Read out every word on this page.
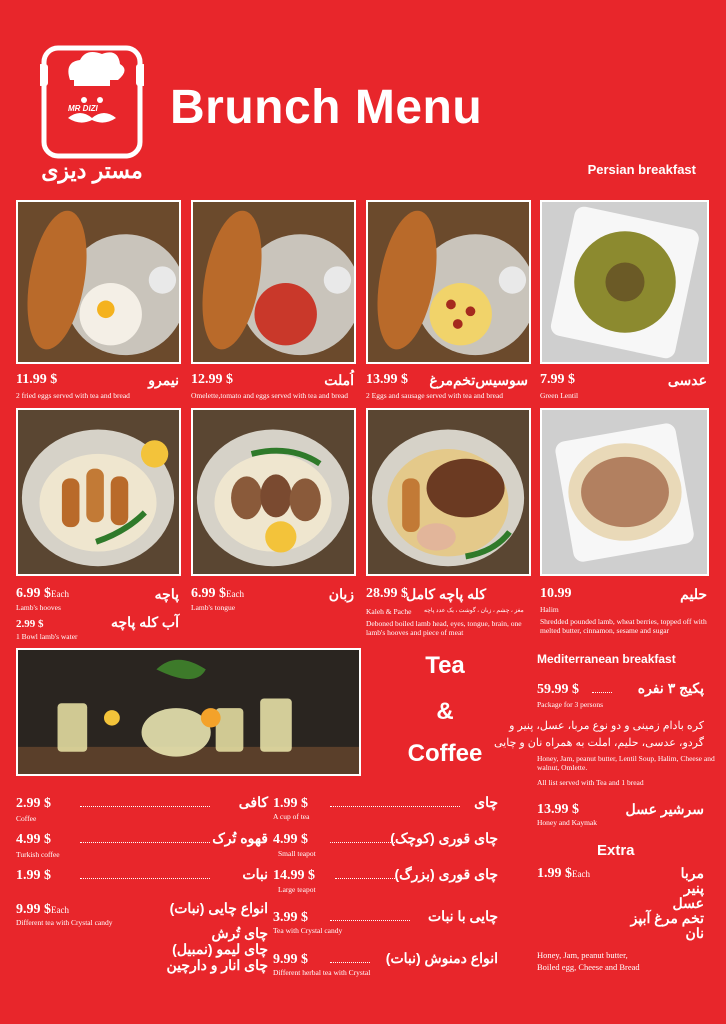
MR DIZI
مستر دیزی
Brunch Menu
Persian breakfast
11.99 $	نیمرو
2 fried eggs served with tea and bread
12.99 $	اُملت
Omelette,tomato and eggs served with tea and bread
13.99 $ سوسیس‌تخم‌مرغ
2 Eggs and sausage served with tea and bread
7.99 $	عدسی
Green Lentil
6.99 $Each	پاچه
Lamb's hooves
2.99 $	آب کله پاچه
1 Bowl lamb's water
6.99 $Each	زبان
Lamb's tongue
28.99 $
کله پاچه کامل
Kaleh & Pache مغز ، چشم ، زبان ، گوشت ، یک عدد پاچه
Deboned boiled lamb head, eyes, tongue, brain, one lamb's hooves and piece of meat
10.99	حلیم
Halim
Shredded pounded lamb, wheat berries, topped off with melted butter, cinnamon, sesame and sugar
Tea
&
Coffee
Mediterranean breakfast
59.99 $	پکیج ۳ نفره
Package for 3 persons
کره بادام زمینی و دو نوع مربا، عسل، پنیر و
گردو، عدسی، حلیم، املت به همراه نان و چایی
Honey, Jam, peanut butter, Lentil Soup, Halim, Cheese and walnut, Omlette.
All list served with Tea and 1 bread
13.99 $	سرشیر عسل
Honey and Kaymak
Extra
1.99 $Each	مربا
پنیر
عسل
تخم مرغ آبپز
نان
Honey, Jam, peanut butter,
Boiled egg, Cheese and Bread
2.99 $	کافی
Coffee
4.99 $	قهوه تُرک
Turkish coffee
1.99 $	نبات
9.99 $Each	انواع چایی (نبات)
Different tea with Crystal candy
چای تُرش
چای لیمو (نمبیل)
چای انار و دارچین
1.99 $	چای
A cup of tea
4.99 $	چای قوری (کوچک)
Small teapot
14.99 $	چای قوری (بزرگ)
Large teapot
3.99 $	چایی با نبات
Tea with Crystal candy
9.99 $	انواع دمنوش (نبات)
Different herbal tea with Crystal
